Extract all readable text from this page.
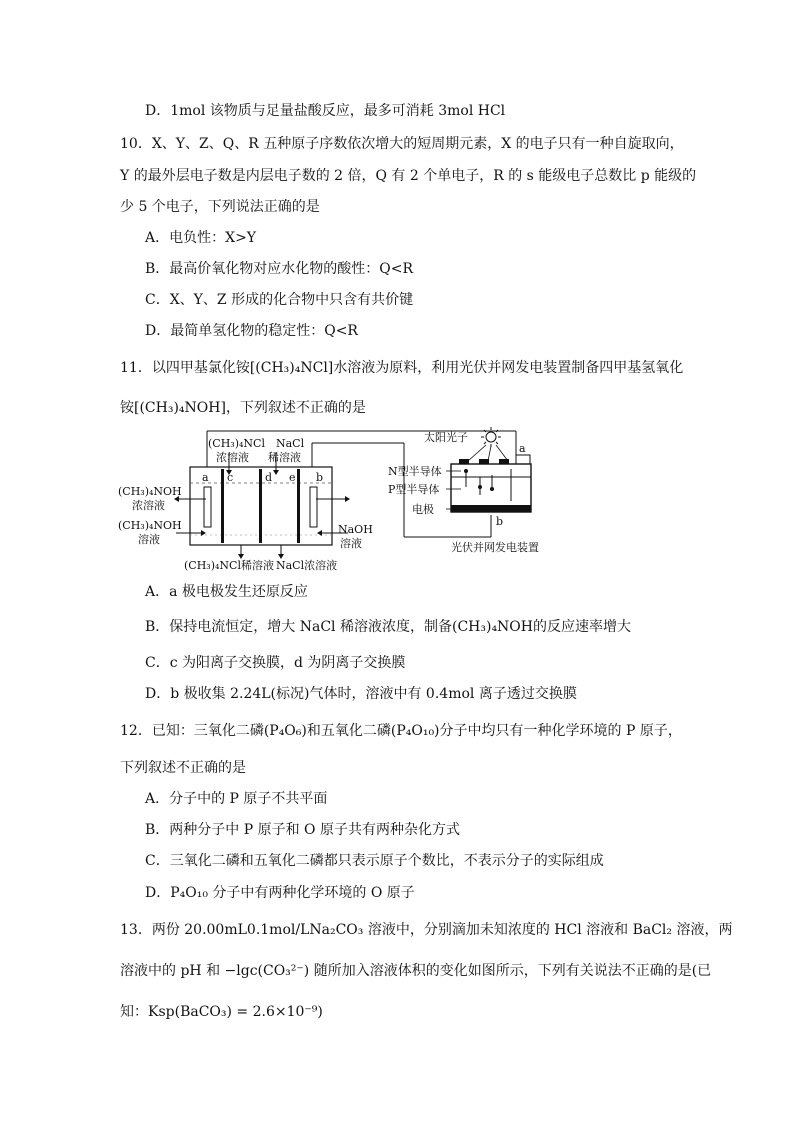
D．1mol 该物质与足量盐酸反应，最多可消耗 3mol HCl
10．X、Y、Z、Q、R 五种原子序数依次增大的短周期元素，X 的电子只有一种自旋取向，
Y 的最外层电子数是内层电子数的 2 倍，Q 有 2 个单电子，R 的 s 能级电子总数比 p 能级的
少 5 个电子，下列说法正确的是
A．电负性：X>Y
B．最高价氧化物对应水化物的酸性：Q<R
C．X、Y、Z 形成的化合物中只含有共价键
D．最简单氢化物的稳定性：Q<R
11．以四甲基氯化铵[(CH₃)₄NCl]水溶液为原料，利用光伏并网发电装置制备四甲基氢氧化
铵[(CH₃)₄NOH]，下列叙述不正确的是
(CH₃)₄NCl
浓溶液
NaCl
稀溶液
(CH₃)₄NOH
浓溶液
(CH₃)₄NOH
溶液
NaOH
溶液
(CH₃)₄NCl稀溶液 NaCl浓溶液
a c	d e b
太阳光子
N型半导体
P型半导体
电极
a
b
光伏并网发电装置
A．a 极电极发生还原反应
B．保持电流恒定，增大 NaCl 稀溶液浓度，制备(CH₃)₄NOH的反应速率增大
C．c 为阳离子交换膜，d 为阴离子交换膜
D．b 极收集 2.24L(标况)气体时，溶液中有 0.4mol 离子透过交换膜
12．已知：三氧化二磷(P₄O₆)和五氧化二磷(P₄O₁₀)分子中均只有一种化学环境的 P 原子，
下列叙述不正确的是
A．分子中的 P 原子不共平面
B．两种分子中 P 原子和 O 原子共有两种杂化方式
C．三氧化二磷和五氧化二磷都只表示原子个数比，不表示分子的实际组成
D．P₄O₁₀ 分子中有两种化学环境的 O 原子
13．两份 20.00mL0.1mol/LNa₂CO₃ 溶液中，分别滴加未知浓度的 HCl 溶液和 BaCl₂ 溶液，两
溶液中的 pH 和 −lgc(CO₃²⁻) 随所加入溶液体积的变化如图所示，下列有关说法不正确的是(已
知：Ksp(BaCO₃) = 2.6×10⁻⁹)
